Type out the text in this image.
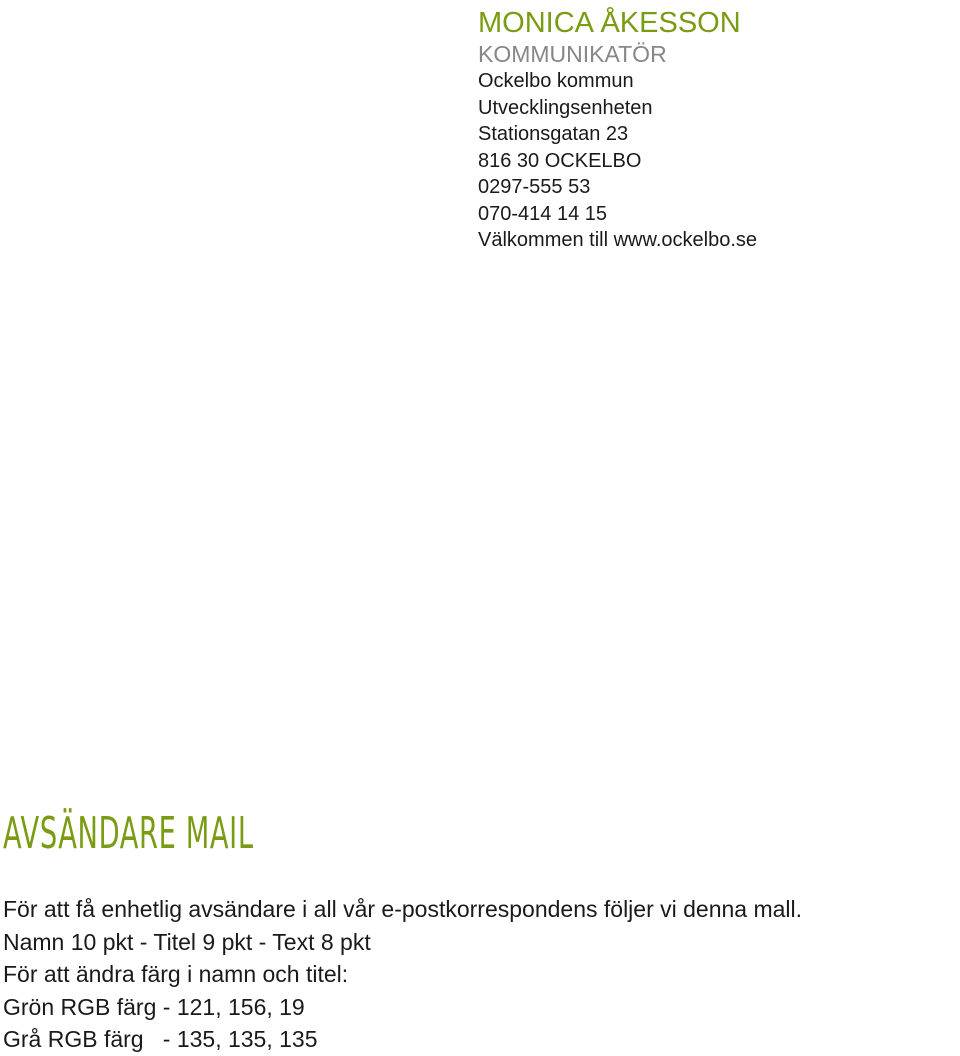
MONICA ÅKESSON
KOMMUNIKATÖR
Ockelbo kommun
Utvecklingsenheten
Stationsgatan 23
816 30 OCKELBO
0297-555 53
070-414 14 15
Välkommen till www.ockelbo.se
AVSÄNDARE MAIL
För att få enhetlig avsändare i all vår e-postkorrespondens följer vi denna mall.
Namn 10 pkt - Titel 9 pkt - Text 8 pkt
För att ändra färg i namn och titel:
Grön RGB färg - 121, 156, 19
Grå RGB färg   - 135, 135, 135
